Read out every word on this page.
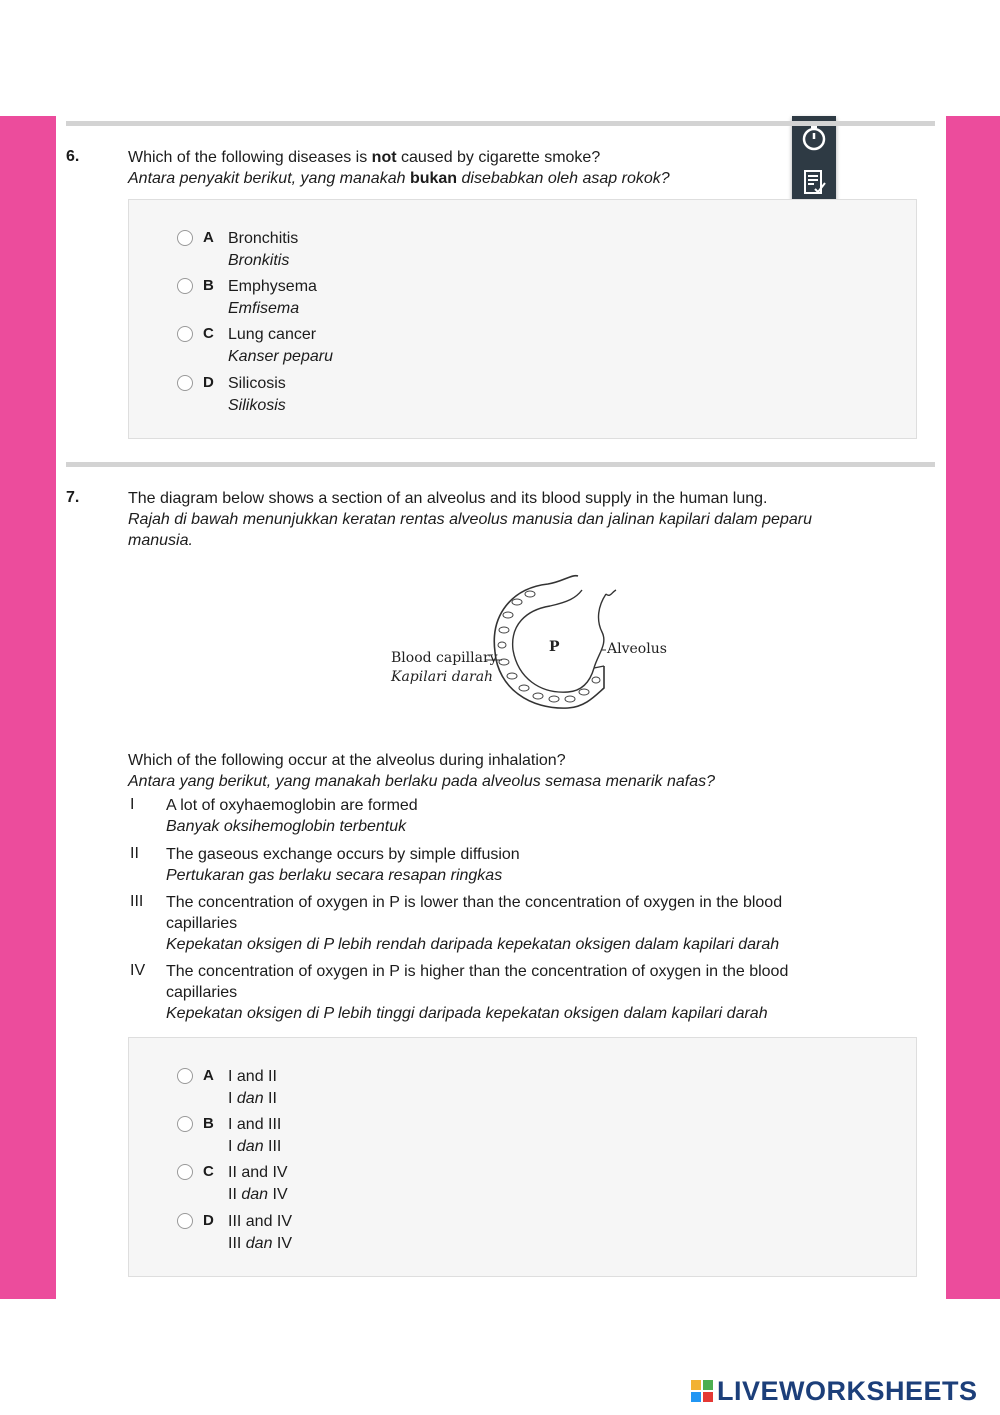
6.	Which of the following diseases is not caused by cigarette smoke?
Antara penyakit berikut, yang manakah bukan disebabkan oleh asap rokok?
A Bronchitis
Bronkitis
B Emphysema
Emfisema
C Lung cancer
Kanser peparu
D Silicosis
Silikosis
7.	The diagram below shows a section of an alveolus and its blood supply in the human lung.
Rajah di bawah menunjukkan keratan rentas alveolus manusia dan jalinan kapilari dalam peparu
manusia.
Blood capillary
Kapilari darah
P	Alveolus
Which of the following occur at the alveolus during inhalation?
Antara yang berikut, yang manakah berlaku pada alveolus semasa menarik nafas?
I A lot of oxyhaemoglobin are formed
Banyak oksihemoglobin terbentuk
II The gaseous exchange occurs by simple diffusion
Pertukaran gas berlaku secara resapan ringkas
III The concentration of oxygen in P is lower than the concentration of oxygen in the blood
capillaries
Kepekatan oksigen di P lebih rendah daripada kepekatan oksigen dalam kapilari darah
IV The concentration of oxygen in P is higher than the concentration of oxygen in the blood
capillaries
Kepekatan oksigen di P lebih tinggi daripada kepekatan oksigen dalam kapilari darah
A I and II
I dan II
B I and III
I dan III
C II and IV
II dan IV
D III and IV
III dan IV
LIVEWORKSHEETS
